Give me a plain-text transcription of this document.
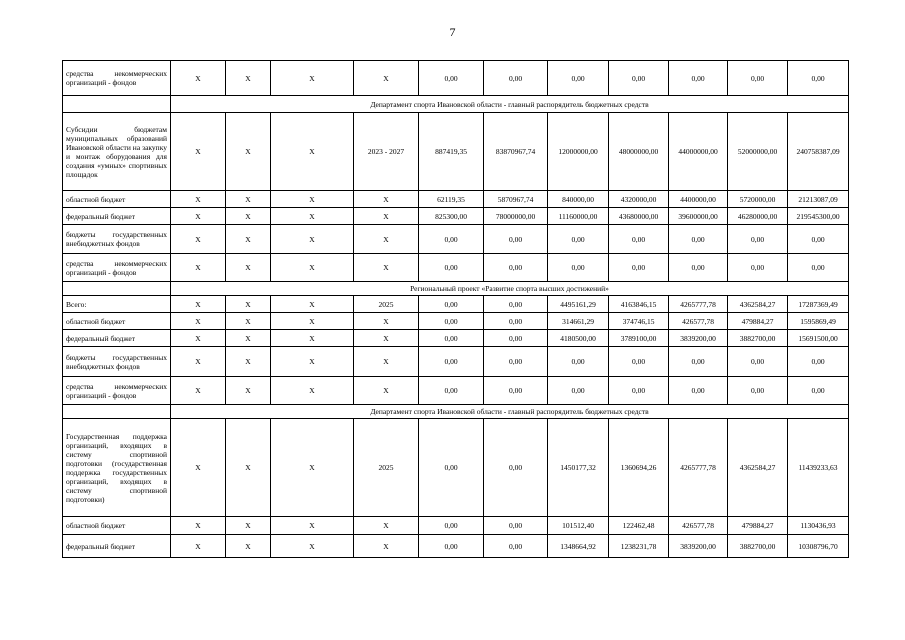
7
средства некоммерческих организаций - фондов	X	X	X	X	0,00	0,00	0,00	0,00	0,00	0,00	0,00
	Департамент спорта Ивановской области - главный распорядитель бюджетных средств										
Субсидии бюджетам муниципальных образований Ивановской области на закупку и монтаж оборудования для создания «умных» спортивных площадок	X	X	X	2023 - 2027	887419,35	83870967,74	12000000,00	48000000,00	44000000,00	52000000,00	240758387,09
областной бюджет	X	X	X	X	62119,35	5870967,74	840000,00	4320000,00	4400000,00	5720000,00	21213087,09
федеральный бюджет	X	X	X	X	825300,00	78000000,00	11160000,00	43680000,00	39600000,00	46280000,00	219545300,00
бюджеты государственных внебюджетных фондов	X	X	X	X	0,00	0,00	0,00	0,00	0,00	0,00	0,00
средства некоммерческих организаций - фондов	X	X	X	X	0,00	0,00	0,00	0,00	0,00	0,00	0,00
	Региональный проект «Развитие спорта высших достижений»										
Всего:	X	X	X	2025	0,00	0,00	4495161,29	4163846,15	4265777,78	4362584,27	17287369,49
областной бюджет	X	X	X	X	0,00	0,00	314661,29	374746,15	426577,78	479884,27	1595869,49
федеральный бюджет	X	X	X	X	0,00	0,00	4180500,00	3789100,00	3839200,00	3882700,00	15691500,00
бюджеты государственных внебюджетных фондов	X	X	X	X	0,00	0,00	0,00	0,00	0,00	0,00	0,00
средства некоммерческих организаций - фондов	X	X	X	X	0,00	0,00	0,00	0,00	0,00	0,00	0,00
	Департамент спорта Ивановской области - главный распорядитель бюджетных средств										
Государственная поддержка организаций, входящих в систему спортивной подготовки (государственная поддержка государственных организаций, входящих в систему спортивной подготовки)	X	X	X	2025	0,00	0,00	1450177,32	1360694,26	4265777,78	4362584,27	11439233,63
областной бюджет	X	X	X	X	0,00	0,00	101512,40	122462,48	426577,78	479884,27	1130436,93
федеральный бюджет	X	X	X	X	0,00	0,00	1348664,92	1238231,78	3839200,00	3882700,00	10308796,70
